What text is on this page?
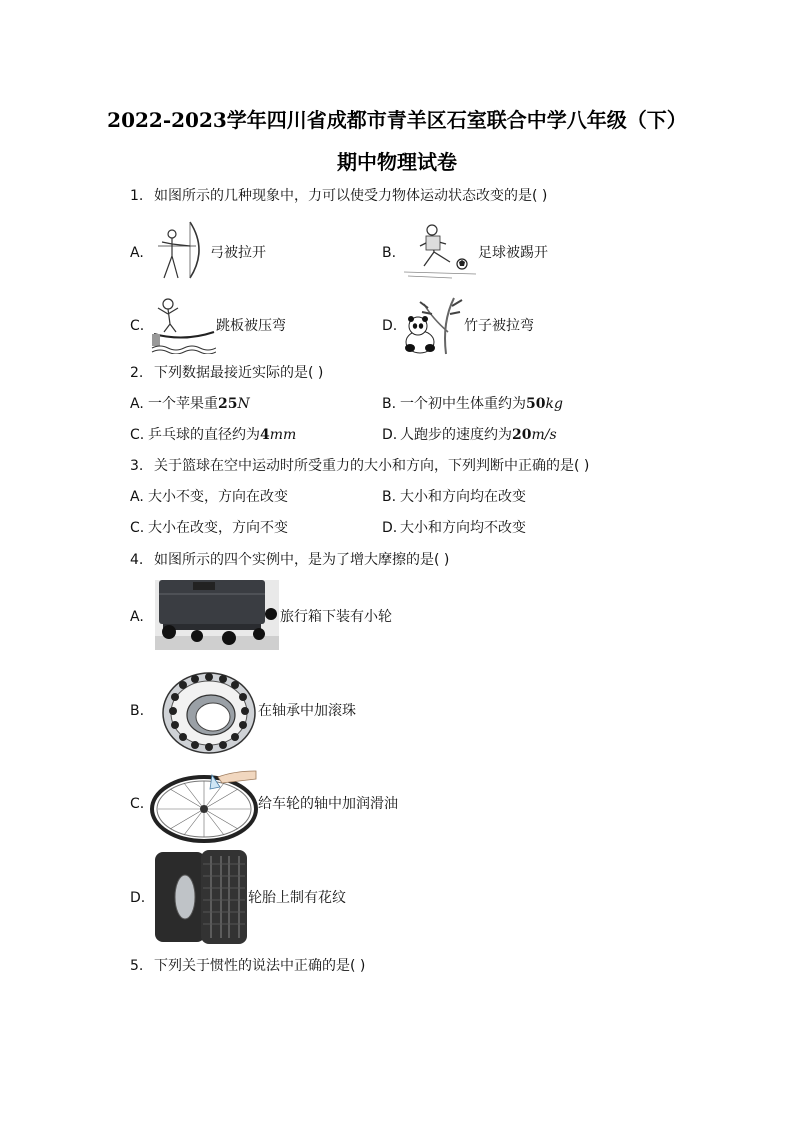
2022-2023学年四川省成都市青羊区石室联合中学八年级（下）
期中物理试卷
1. 如图所示的几种现象中，力可以使受力物体运动状态改变的是( )
A.	弓被拉开	B.	足球被踢开
C.	跳板被压弯	D.	竹子被拉弯
2. 下列数据最接近实际的是( )
A. 一个苹果重25N	B. 一个初中生体重约为50kg
C. 乒乓球的直径约为4mm	D. 人跑步的速度约为20m/s
3. 关于篮球在空中运动时所受重力的大小和方向，下列判断中正确的是( )
A. 大小不变，方向在改变	B. 大小和方向均在改变
C. 大小在改变，方向不变	D. 大小和方向均不改变
4. 如图所示的四个实例中，是为了增大摩擦的是( )
A.	旅行箱下装有小轮
B.	在轴承中加滚珠
C.	给车轮的轴中加润滑油
D.	轮胎上制有花纹
5. 下列关于惯性的说法中正确的是( )
